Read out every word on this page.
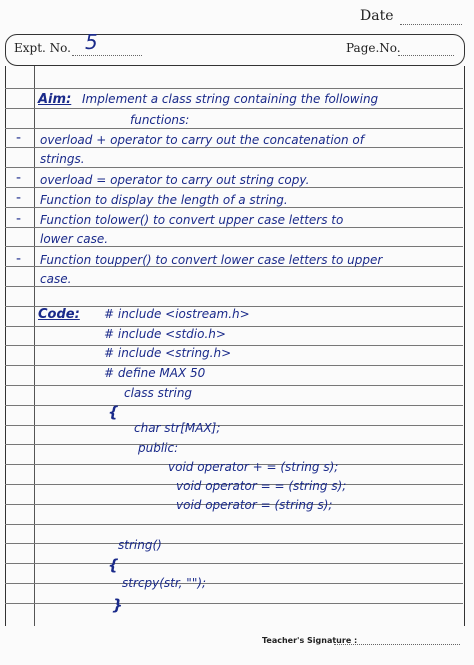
Date
Expt. No. 5	Page.No.
Aim: Implement a class string containing the following
functions:
- overload + operator to carry out the concatenation of
strings.
- overload = operator to carry out string copy.
- Function to display the length of a string.
- Function tolower() to convert upper case letters to
lower case.
- Function toupper() to convert lower case letters to upper
case.
Code: # include <iostream.h>
# include <stdio.h>
# include <string.h>
# define MAX 50
class string
{
char str[MAX];
public:
void operator + = (string s);
void operator = = (string s);
void operator = (string s);
string()
{
strcpy(str, "");
}
Teacher's Signature :
